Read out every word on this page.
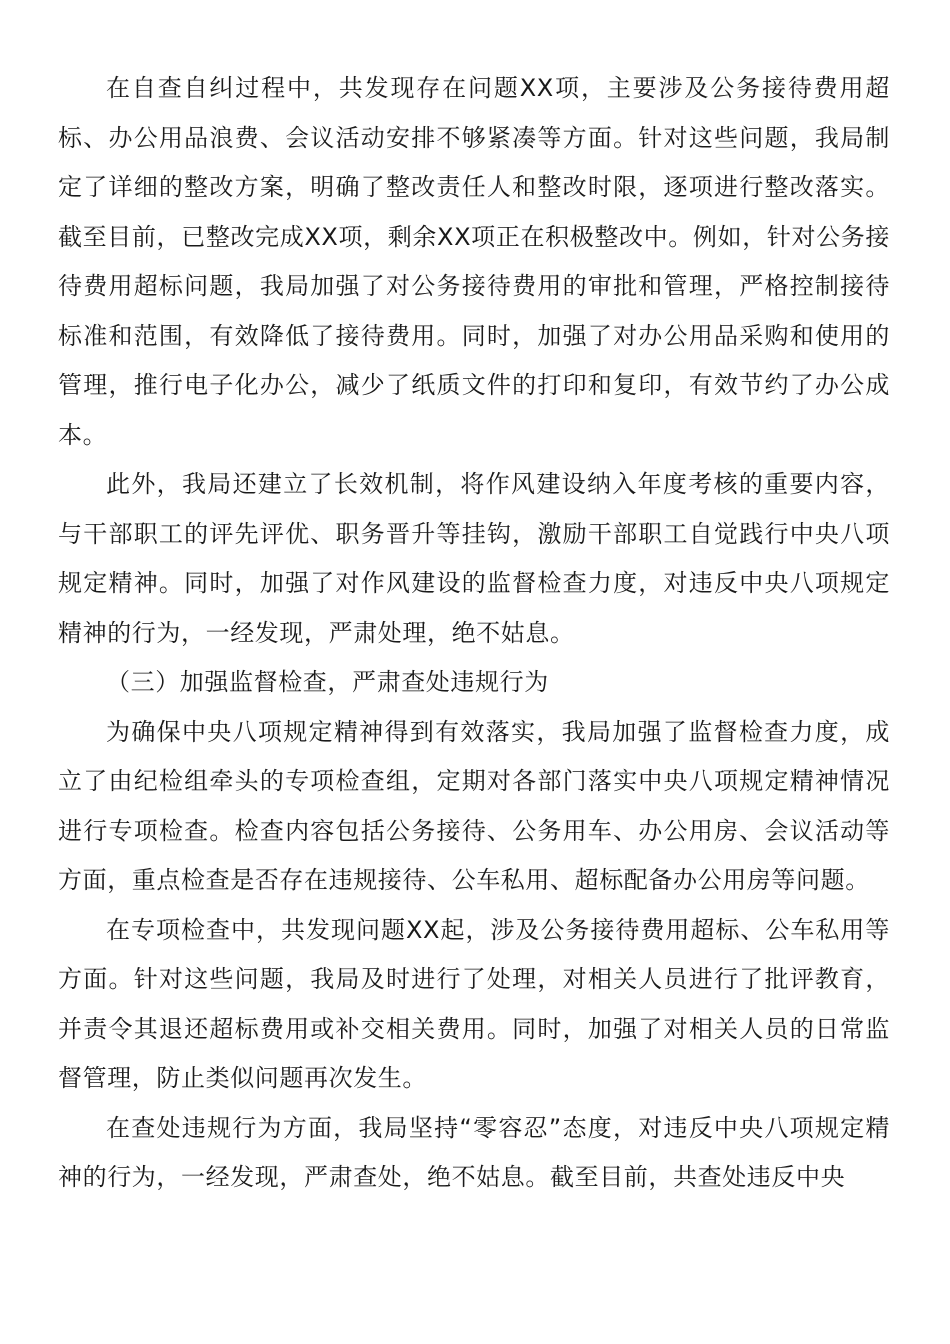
在自查自纠过程中，共发现存在问题XX项，主要涉及公务接待费用超标、办公用品浪费、会议活动安排不够紧凑等方面。针对这些问题，我局制定了详细的整改方案，明确了整改责任人和整改时限，逐项进行整改落实。截至目前，已整改完成XX项，剩余XX项正在积极整改中。例如，针对公务接待费用超标问题，我局加强了对公务接待费用的审批和管理，严格控制接待标准和范围，有效降低了接待费用。同时，加强了对办公用品采购和使用的管理，推行电子化办公，减少了纸质文件的打印和复印，有效节约了办公成本。

此外，我局还建立了长效机制，将作风建设纳入年度考核的重要内容，与干部职工的评先评优、职务晋升等挂钩，激励干部职工自觉践行中央八项规定精神。同时，加强了对作风建设的监督检查力度，对违反中央八项规定精神的行为，一经发现，严肃处理，绝不姑息。

（三）加强监督检查，严肃查处违规行为

为确保中央八项规定精神得到有效落实，我局加强了监督检查力度，成立了由纪检组牵头的专项检查组，定期对各部门落实中央八项规定精神情况进行专项检查。检查内容包括公务接待、公务用车、办公用房、会议活动等方面，重点检查是否存在违规接待、公车私用、超标配备办公用房等问题。

在专项检查中，共发现问题XX起，涉及公务接待费用超标、公车私用等方面。针对这些问题，我局及时进行了处理，对相关人员进行了批评教育，并责令其退还超标费用或补交相关费用。同时，加强了对相关人员的日常监督管理，防止类似问题再次发生。

在查处违规行为方面，我局坚持“零容忍”态度，对违反中央八项规定精神的行为，一经发现，严肃查处，绝不姑息。截至目前，共查处违反中央
